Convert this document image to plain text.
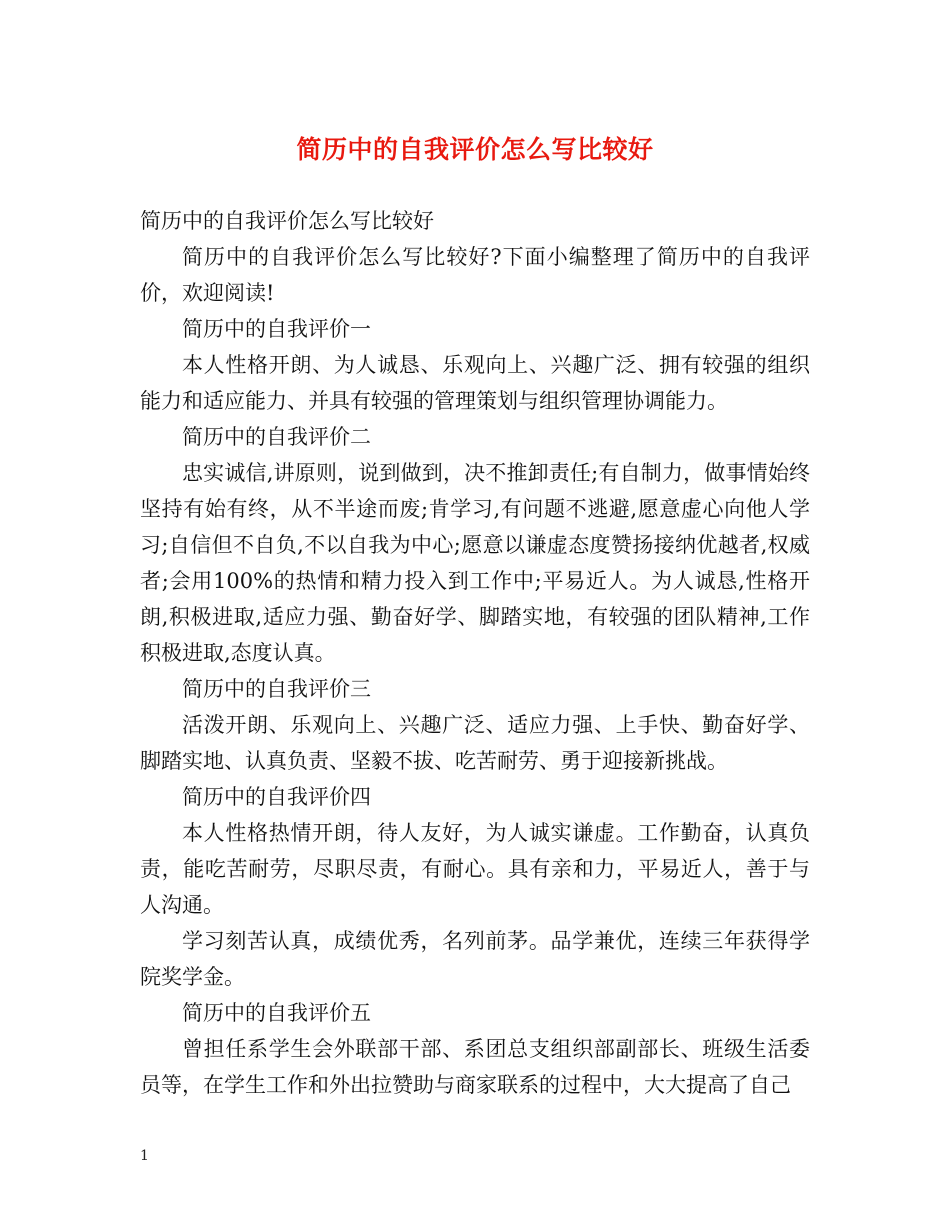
简历中的自我评价怎么写比较好

简历中的自我评价怎么写比较好

简历中的自我评价怎么写比较好?下面小编整理了简历中的自我评价，欢迎阅读!

简历中的自我评价一

本人性格开朗、为人诚恳、乐观向上、兴趣广泛、拥有较强的组织能力和适应能力、并具有较强的管理策划与组织管理协调能力。

简历中的自我评价二

忠实诚信,讲原则，说到做到，决不推卸责任;有自制力，做事情始终坚持有始有终，从不半途而废;肯学习,有问题不逃避,愿意虚心向他人学习;自信但不自负,不以自我为中心;愿意以谦虚态度赞扬接纳优越者,权威者;会用100%的热情和精力投入到工作中;平易近人。为人诚恳,性格开朗,积极进取,适应力强、勤奋好学、脚踏实地，有较强的团队精神,工作积极进取,态度认真。

简历中的自我评价三

活泼开朗、乐观向上、兴趣广泛、适应力强、上手快、勤奋好学、脚踏实地、认真负责、坚毅不拔、吃苦耐劳、勇于迎接新挑战。

简历中的自我评价四

本人性格热情开朗，待人友好，为人诚实谦虚。工作勤奋，认真负责，能吃苦耐劳，尽职尽责，有耐心。具有亲和力，平易近人，善于与人沟通。

学习刻苦认真，成绩优秀，名列前茅。品学兼优，连续三年获得学院奖学金。

简历中的自我评价五

曾担任系学生会外联部干部、系团总支组织部副部长、班级生活委员等，在学生工作和外出拉赞助与商家联系的过程中，大大提高了自己

1
